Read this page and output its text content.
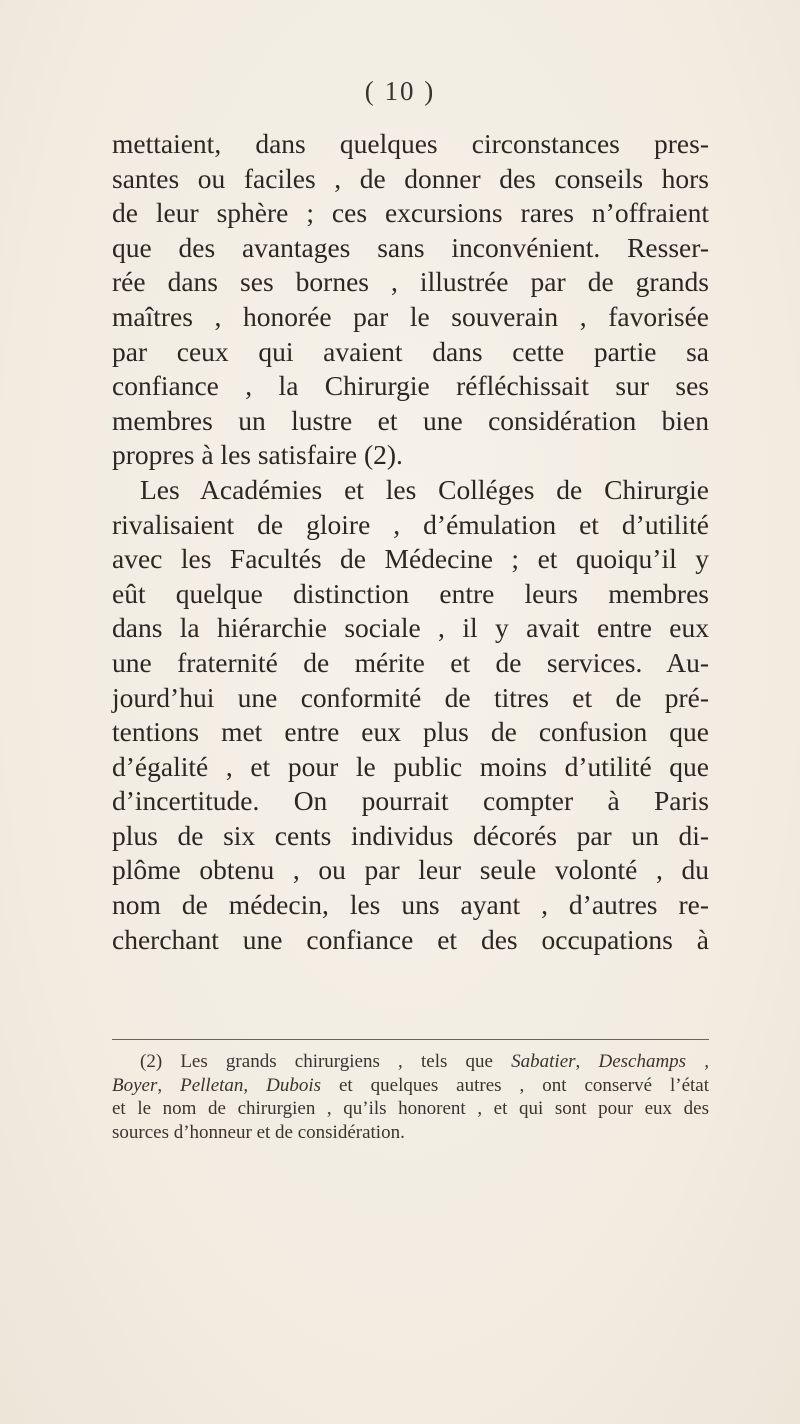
( 10 )
mettaient, dans quelques circonstances pres-
santes ou faciles , de donner des conseils hors
de leur sphère ; ces excursions rares n’offraient
que des avantages sans inconvénient. Resser-
rée dans ses bornes , illustrée par de grands
maîtres , honorée par le souverain , favorisée
par ceux qui avaient dans cette partie sa
confiance , la Chirurgie réfléchissait sur ses
membres un lustre et une considération bien
propres à les satisfaire (2).
Les Académies et les Colléges de Chirurgie
rivalisaient de gloire , d’émulation et d’utilité
avec les Facultés de Médecine ; et quoiqu’il y
eût quelque distinction entre leurs membres
dans la hiérarchie sociale , il y avait entre eux
une fraternité de mérite et de services. Au-
jourd’hui une conformité de titres et de pré-
tentions met entre eux plus de confusion que
d’égalité , et pour le public moins d’utilité que
d’incertitude. On pourrait compter à Paris
plus de six cents individus décorés par un di-
plôme obtenu , ou par leur seule volonté , du
nom de médecin, les uns ayant , d’autres re-
cherchant une confiance et des occupations à
(2) Les grands chirurgiens , tels que Sabatier, Deschamps ,
Boyer, Pelletan, Dubois et quelques autres , ont conservé l’état
et le nom de chirurgien , qu’ils honorent , et qui sont pour eux des
sources d’honneur et de considération.
